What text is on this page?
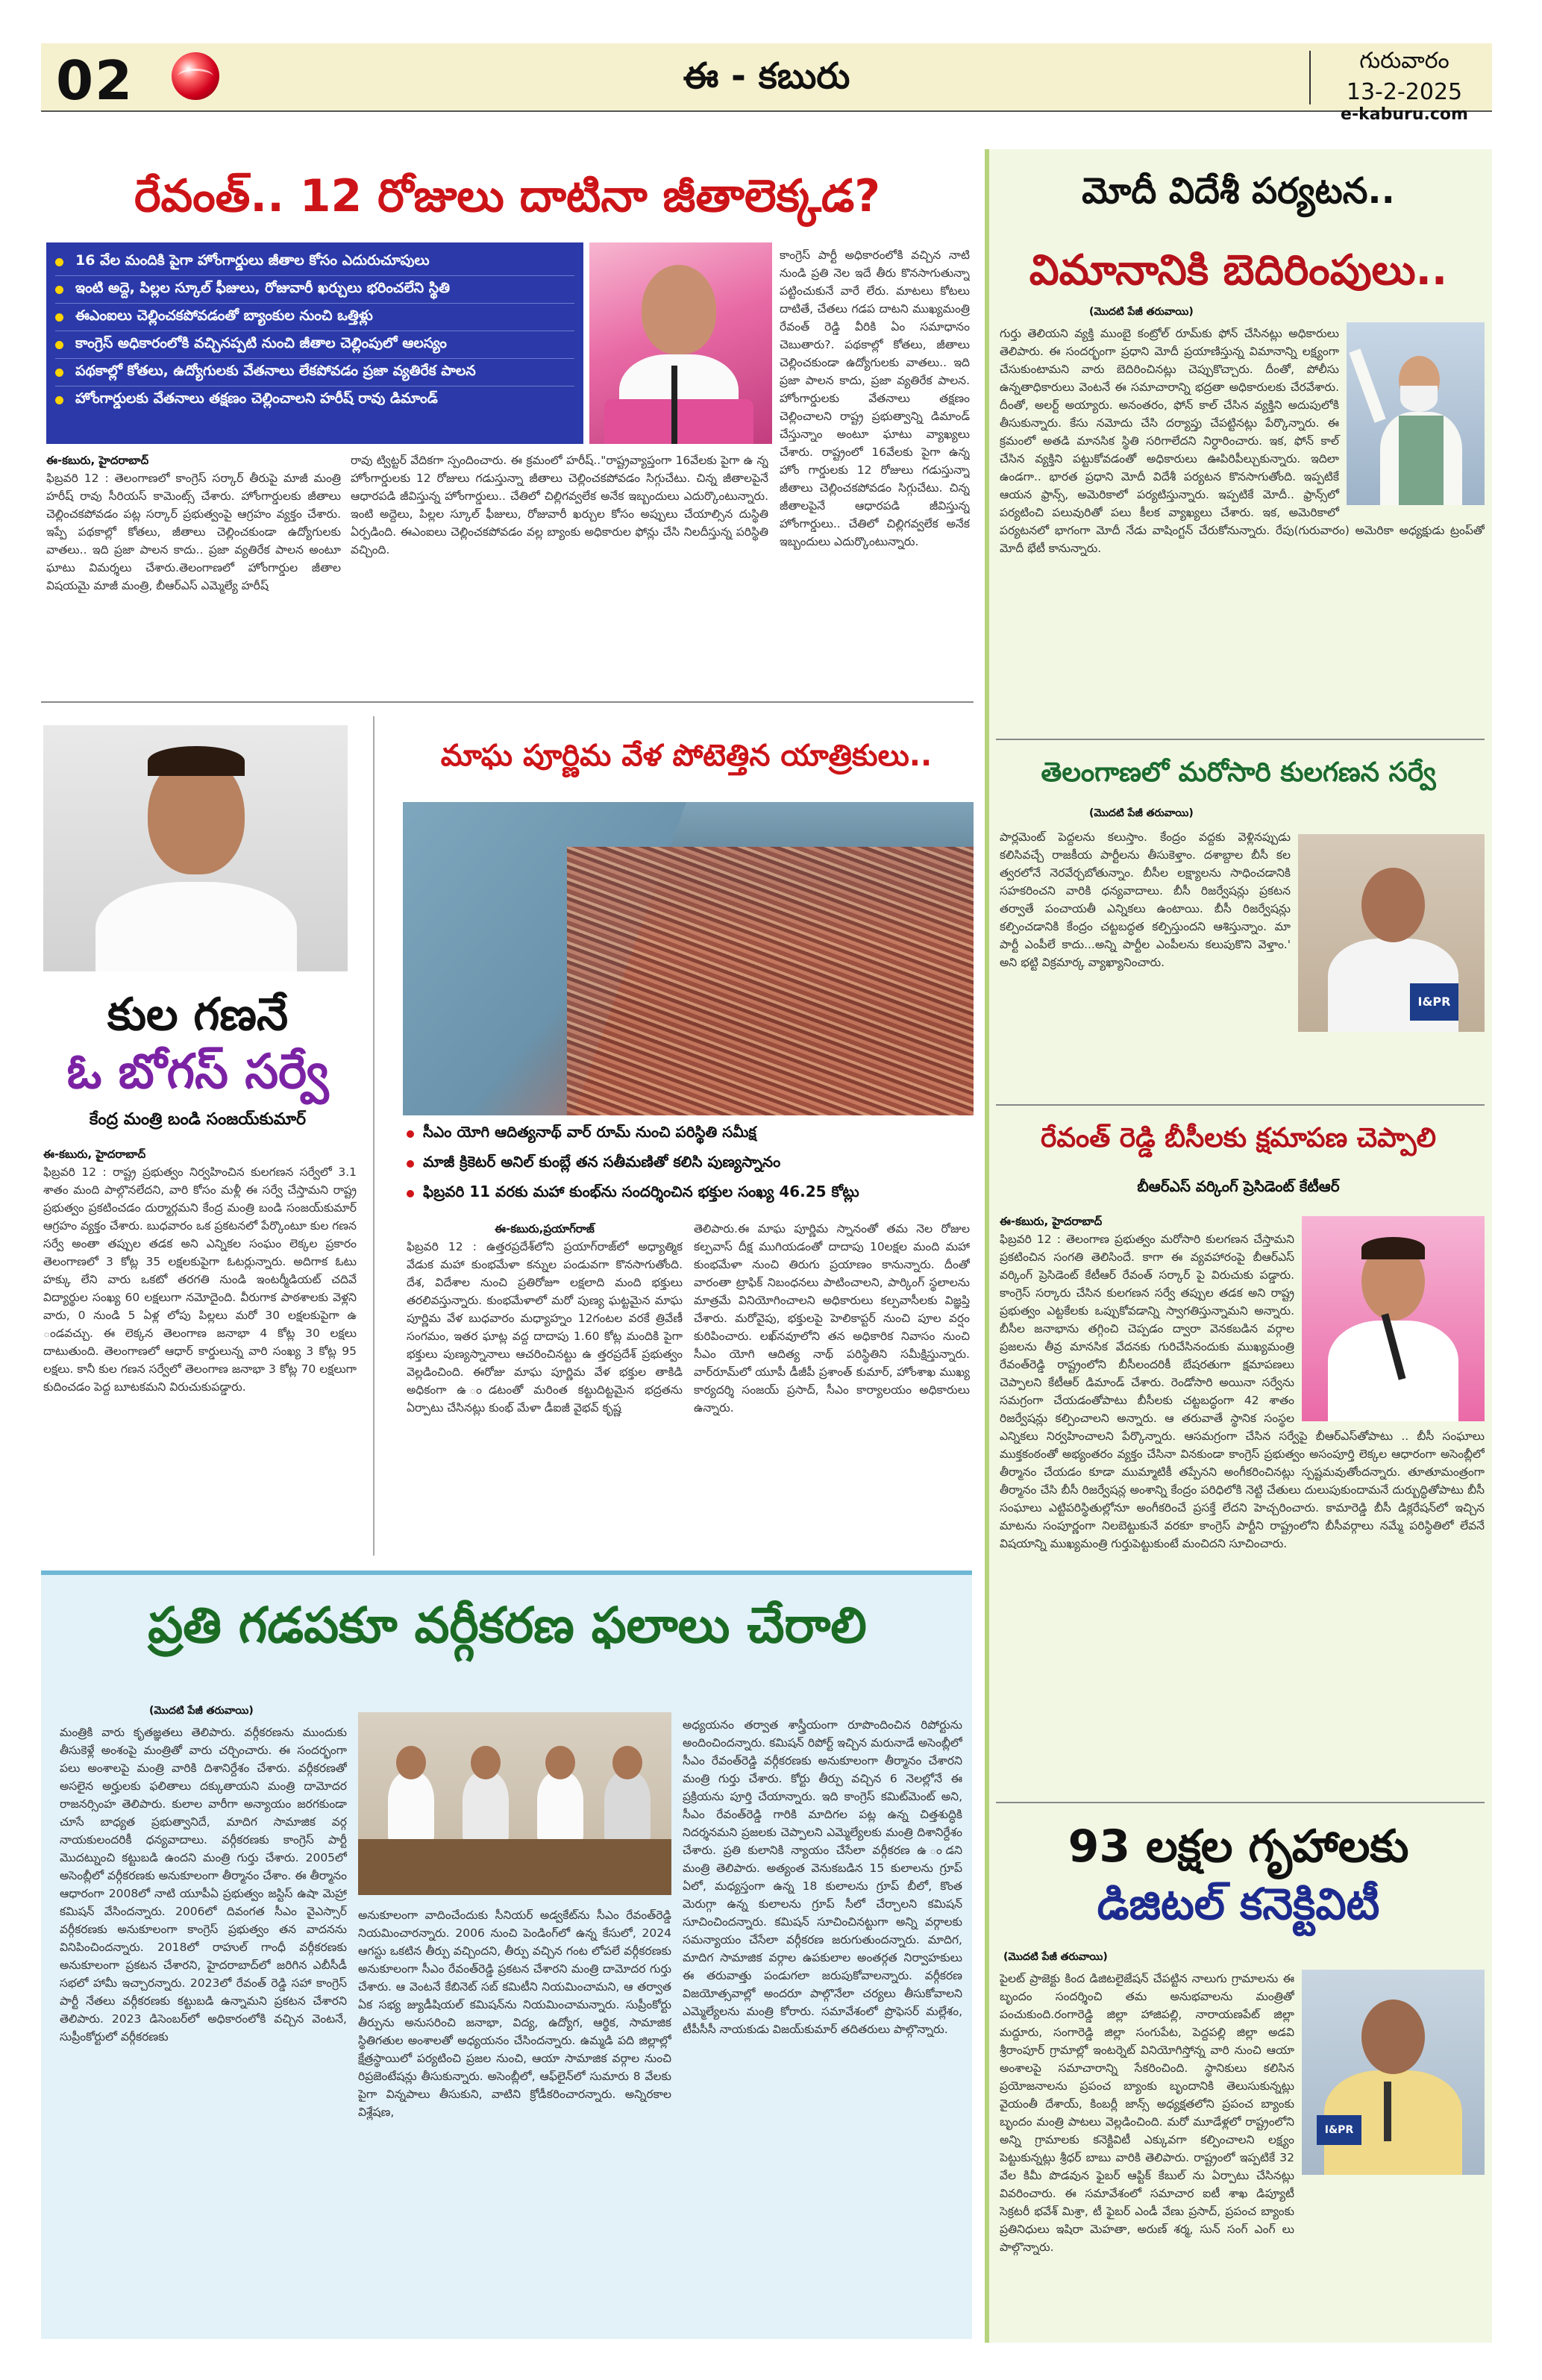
02	ఈ - కబురు	గురువారం
13-2-2025
e-kaburu.com
రేవంత్.. 12 రోజులు దాటినా జీతాలెక్కడ?
16 వేల మందికి పైగా హోంగార్డులు జీతాల కోసం ఎదురుచూపులు
ఇంటి అద్దె, పిల్లల స్కూల్ ఫీజులు, రోజువారీ ఖర్చులు భరించలేని స్థితి
ఈఎంఐలు చెల్లించకపోవడంతో బ్యాంకుల నుంచి ఒత్తిళ్లు
కాంగ్రెస్ అధికారంలోకి వచ్చినప్పటి నుంచి జీతాల చెల్లింపులో ఆలస్యం
పథకాల్లో కోతలు, ఉద్యోగులకు వేతనాలు లేకపోవడం ప్రజా వ్యతిరేక పాలన
హోంగార్డులకు వేతనాలు తక్షణం చెల్లించాలని హరీష్ రావు డిమాండ్
కాంగ్రెస్ పార్టీ అధికారంలోకి వచ్చిన నాటి నుండి ప్రతి నెల ఇదే తీరు కొనసాగుతున్నా పట్టించుకునే వారే లేరు. మాటలు కోటలు దాటితే, చేతలు గడప దాటని ముఖ్యమంత్రి రేవంత్ రెడ్డి వీరికి ఏం సమాధానం చెబుతారు?. పథకాల్లో కోతలు, జీతాలు చెల్లించకుండా ఉద్యోగులకు వాతలు.. ఇది ప్రజా పాలన కాదు, ప్రజా వ్యతిరేక పాలన. హోంగార్డులకు వేతనాలు తక్షణం చెల్లించాలని రాష్ట్ర ప్రభుత్వాన్ని డిమాండ్ చేస్తున్నాం అంటూ ఘాటు వ్యాఖ్యలు చేశారు. రాష్ట్రంలో 16వేలకు పైగా ఉన్న హోం గార్డులకు 12 రోజులు గడుస్తున్నా జీతాలు చెల్లించకపోవడం సిగ్గుచేటు. చిన్న జీతాలపైనే ఆధారపడి జీవిస్తున్న హోంగార్డులు.. చేతిలో చిల్లిగవ్వలేక అనేక ఇబ్బందులు ఎదుర్కొంటున్నారు.
ఈ-కబురు, హైదరాబాద్
ఫిబ్రవరి 12 : తెలంగాణలో కాంగ్రెస్ సర్కార్ తీరుపై మాజీ మంత్రి హరీష్ రావు సీరియస్ కామెంట్స్ చేశారు. హోంగార్డులకు జీతాలు చెల్లించకపోవడం పట్ల సర్కార్ ప్రభుత్వంపై ఆగ్రహం వ్యక్తం చేశారు. ఇప్పే పథకాల్లో కోతలు, జీతాలు చెల్లించకుండా ఉద్యోగులకు వాతలు.. ఇది ప్రజా పాలన కాదు.. ప్రజా వ్యతిరేక పాలన అంటూ ఘాటు విమర్శలు చేశారు.తెలంగాణలో హోంగార్డుల జీతాల విషయమై మాజీ మంత్రి, బీఆర్ఎస్ ఎమ్మెల్యే హరీష్
రావు ట్విట్టర్ వేదికగా స్పందించారు. ఈ క్రమంలో హరీష్.."రాష్ట్రవ్యాప్తంగా 16వేలకు పైగా ఉ న్న హోంగార్డులకు 12 రోజులు గడుస్తున్నా జీతాలు చెల్లించకపోవడం సిగ్గుచేటు. చిన్న జీతాలపైనే ఆధారపడి జీవిస్తున్న హోంగార్డులు.. చేతిలో చిల్లిగవ్వలేక అనేక ఇబ్బందులు ఎదుర్కొంటున్నారు. ఇంటి అద్దెలు, పిల్లల స్కూల్ ఫీజులు, రోజువారీ ఖర్చుల కోసం అప్పులు చేయాల్సిన దుస్థితి ఏర్పడింది. ఈఎంఐలు చెల్లించకపోవడం వల్ల బ్యాంకు అధికారుల ఫోన్లు చేసి నిలదీస్తున్న పరిస్థితి వచ్చింది.
కుల గణనే
ఓ బోగస్ సర్వే
కేంద్ర మంత్రి బండి సంజయ్‌కుమార్
ఈ-కబురు, హైదరాబాద్
ఫిబ్రవరి 12 : రాష్ట్ర ప్రభుత్వం నిర్వహించిన కులగణన సర్వేలో 3.1 శాతం మంది పాల్గొనలేదని, వారి కోసం మళ్లీ ఈ సర్వే చేస్తామని రాష్ట్ర ప్రభుత్వం ప్రకటించడం దుర్మార్గమని కేంద్ర మంత్రి బండి సంజయ్‌కుమార్ ఆగ్రహం వ్యక్తం చేశారు. బుధవారం ఒక ప్రకటనలో పేర్కొంటూ కుల గణన సర్వే అంతా తప్పుల తడక అని ఎన్నికల సంఘం లెక్కల ప్రకారం తెలంగాణలో 3 కోట్ల 35 లక్షలకుపైగా ఓటర్లున్నారు. అదిగాక ఓటు హక్కు లేని వారు ఒకటో తరగతి నుండి ఇంటర్మీడియట్ చదివే విద్యార్థుల సంఖ్య 60 లక్షలుగా నమోదైంది. వీరుగాక పాఠశాలకు వెళ్లని వారు, 0 నుండి 5 ఏళ్ల లోపు పిల్లలు మరో 30 లక్షలకుపైగా ఉ ండవచ్చు. ఈ లెక్కన తెలంగాణ జనాభా 4 కోట్ల 30 లక్షలు దాటుతుంది. తెలంగాణలో ఆధార్ కార్డులున్న వారి సంఖ్య 3 కోట్ల 95 లక్షలు. కానీ కుల గణన సర్వేలో తెలంగాణ జనాభా 3 కోట్ల 70 లక్షలుగా కుదించడం పెద్ద బూటకమని విరుచుకుపడ్డారు.
మాఘ పూర్ణిమ వేళ పోటెత్తిన యాత్రికులు..
సీఎం యోగి ఆదిత్యనాథ్ వార్ రూమ్ నుంచి పరిస్థితి సమీక్ష
మాజీ క్రికెటర్ అనిల్ కుంబ్లే తన సతీమణితో కలిసి పుణ్యస్నానం
ఫిబ్రవరి 11 వరకు మహా కుంభ్‌ను సందర్శించిన భక్తుల సంఖ్య 46.25 కోట్లు
ఈ-కబురు,ప్రయాగ్‌రాజ్
ఫిబ్రవరి 12 : ఉత్తరప్రదేశ్‌లోని ప్రయాగ్‌రాజ్‌లో అధ్యాత్మిక వేడుక మహా కుంభమేళా కన్నుల పండువగా కొనసాగుతోంది. దేశ, విదేశాల నుంచి ప్రతిరోజూ లక్షలాది మంది భక్తులు తరలివస్తున్నారు. కుంభమేళాలో మరో పుణ్య ఘట్టమైన మాఘ పూర్ణిమ వేళ బుధవారం మధ్యాహ్నం 12గంటల వరకే త్రివేణీ సంగమం, ఇతర ఘాట్ల వద్ద దాదాపు 1.60 కోట్ల మందికి పైగా భక్తులు పుణ్యస్నానాలు ఆచరించినట్టు ఉ త్తరప్రదేశ్ ప్రభుత్వం వెల్లడించింది. ఈరోజు మాఘ పూర్ణిమ వేళ భక్తుల తాకిడి అధికంగా ఉ ండటంతో మరింత కట్టుదిట్టమైన భద్రతను ఏర్పాటు చేసినట్లు కుంభ్ మేళా డీఐజీ వైభవ్ కృష్ణ
తెలిపారు.ఈ మాఘ పూర్ణిమ స్నానంతో తమ నెల రోజుల కల్పవాస్ దీక్ష ముగియడంతో దాదాపు 10లక్షల మంది మహా కుంభమేళా నుంచి తిరుగు ప్రయాణం కానున్నారు. దీంతో వారంతా ట్రాఫిక్ నిబంధనలు పాటించాలని, పార్కింగ్ స్థలాలను మాత్రమే వినియోగించాలని అధికారులు కల్పవాసీలకు విజ్ఞప్తి చేశారు. మరోవైపు, భక్తులపై హెలికాప్టర్ నుంచి పూల వర్షం కురిపించారు. లఖ్‌నవూలోని తన అధికారిక నివాసం నుంచి సీఎం యోగి ఆదిత్య నాథ్ పరిస్థితిని సమీక్షిస్తున్నారు. వార్‌రూమ్‌లో యూపీ డీజీపీ ప్రశాంత్ కుమార్, హోంశాఖ ముఖ్య కార్యదర్శి సంజయ్ ప్రసాద్, సీఎం కార్యాలయం అధికారులు ఉన్నారు.
మోదీ విదేశీ పర్యటన..
విమానానికి బెదిరింపులు..
(మొదటి పేజీ తరువాయి)
గుర్తు తెలియని వ్యక్తి ముంబై కంట్రోల్ రూమ్‌కు ఫోన్ చేసినట్లు అధికారులు తెలిపారు. ఈ సందర్భంగా ప్రధాని మోదీ ప్రయాణిస్తున్న విమానాన్ని లక్ష్యంగా చేసుకుంటామని వారు బెదిరించినట్లు చెప్పుకొచ్చారు. దీంతో, పోలీసు ఉన్నతాధికారులు వెంటనే ఈ సమాచారాన్ని భద్రతా అధికారులకు చేరవేశారు. దీంతో, అలర్ట్ అయ్యారు. అనంతరం, ఫోన్ కాల్ చేసిన వ్యక్తిని అదుపులోకి తీసుకున్నారు. కేసు నమోదు చేసి దర్యాప్తు చేపట్టినట్లు పేర్కొన్నారు. ఈ క్రమంలో అతడి మానసిక స్థితి సరిగాలేదని నిర్ధారించారు. ఇక, ఫోన్ కాల్ చేసిన వ్యక్తిని పట్టుకోవడంతో అధికారులు ఊపిరిపీల్చుకున్నారు. ఇదిలా ఉండగా.. భారత ప్రధాని మోదీ విదేశీ పర్యటన కొనసాగుతోంది. ఇప్పటికే ఆయన ఫ్రాన్స్, అమెరికాలో పర్యటిస్తున్నారు. ఇప్పటికే మోదీ.. ఫ్రాన్స్‌లో పర్యటించి పలువురితో పలు కీలక వ్యాఖ్యలు చేశారు. ఇక, అమెరికాలో పర్యటనలో భాగంగా మోదీ నేడు వాషింగ్టన్ చేరుకోనున్నారు. రేపు(గురువారం) అమెరికా అధ్యక్షుడు ట్రంప్‌తో మోదీ భేటీ కానున్నారు.
తెలంగాణలో మరోసారి కులగణన సర్వే
(మొదటి పేజీ తరువాయి)
I&PR
పార్లమెంట్ పెద్దలను కలుస్తాం. కేంద్రం వద్దకు వెళ్లినప్పుడు కలిసివచ్చే రాజకీయ పార్టీలను తీసుకెళ్తాం. దశాబ్దాల బీసీ కల త్వరలోనే నెరవేర్చబోతున్నాం. బీసీల లక్ష్యాలను సాధించడానికి సహకరించని వారికి ధన్యవాదాలు. బీసీ రిజర్వేషన్లు ప్రకటన తర్వాతే పంచాయతీ ఎన్నికలు ఉంటాయి. బీసీ రిజర్వేషన్లు కల్పించడానికి కేంద్రం చట్టబద్ధత కల్పిస్తుందని ఆశిస్తున్నాం. మా పార్టీ ఎంపీలే కాదు...అన్ని పార్టీల ఎంపీలను కలుపుకొని వెళ్తాం.' అని భట్టి విక్రమార్క వ్యాఖ్యానించారు.
రేవంత్ రెడ్డి బీసీలకు క్షమాపణ చెప్పాలి
బీఆర్ఎస్ వర్కింగ్ ప్రెసిడెంట్ కేటీఆర్
ఈ-కబురు, హైదరాబాద్
ఫిబ్రవరి 12 : తెలంగాణ ప్రభుత్వం మరోసారి కులగణన చేస్తామని ప్రకటించిన సంగతి తెలిసిందే. కాగా ఈ వ్యవహారంపై బీఆర్ఎస్ వర్కింగ్ ప్రెసిడెంట్ కేటీఆర్ రేవంత్ సర్కార్ పై విరుచుకు పడ్డారు. కాంగ్రెస్ సర్కారు చేసిన కులగణన సర్వే తప్పుల తడక అని రాష్ట్ర ప్రభుత్వం ఎట్టకేలకు ఒప్పుకోవడాన్ని స్వాగతిస్తున్నామని అన్నారు. బీసీల జనాభాను తగ్గించి చెప్పడం ద్వారా వెనకబడిన వర్గాల ప్రజలను తీవ్ర మానసిక వేదనకు గురిచేసినందుకు ముఖ్యమంత్రి రేవంత్‌రెడ్డి రాష్ట్రంలోని బీసీలందరికీ బేషరతుగా క్షమాపణలు చెప్పాలని కేటీఆర్ డిమాండ్ చేశారు. రెండోసారి అయినా సర్వేను సమగ్రంగా చేయడంతోపాటు బీసీలకు చట్టబద్ధంగా 42 శాతం రిజర్వేషన్లు కల్పించాలని అన్నారు. ఆ తరువాతే స్థానిక సంస్థల ఎన్నికలు నిర్వహించాలని పేర్కొన్నారు. ఆసమగ్రంగా చేసిన సర్వేపై బీఆర్ఎస్‌తోపాటు .. బీసీ సంఘాలు ముక్తకంఠంతో అభ్యంతరం వ్యక్తం చేసినా వినకుండా కాంగ్రెస్ ప్రభుత్వం అసంపూర్తి లెక్కల ఆధారంగా అసెంబ్లీలో తీర్మానం చేయడం కూడా ముమ్మాటికీ తప్పేనని అంగీకరించినట్లు స్పష్టమవుతోందన్నారు. తూతూమంత్రంగా తీర్మానం చేసి బీసీ రిజర్వేషన్ల అంశాన్ని కేంద్రం పరిధిలోకి నెట్టి చేతులు దులుపుకుందామనే దుర్బుద్ధితోపాటు బీసీ సంఘాలు ఎట్టిపరిస్థితుల్లోనూ అంగీకరించే ప్రసక్తే లేదని హెచ్చరించారు. కామారెడ్డి బీసీ డిక్లరేషన్‌లో ఇచ్చిన మాటను సంపూర్ణంగా నిలబెట్టుకునే వరకూ కాంగ్రెస్ పార్టీని రాష్ట్రంలోని బీసీవర్గాలు నమ్మే పరిస్థితిలో లేవనే విషయాన్ని ముఖ్యమంత్రి గుర్తుపెట్టుకుంటే మంచిదని సూచించారు.
93 లక్షల గృహాలకు
డిజిటల్ కనెక్టివిటీ
(మొదటి పేజీ తరువాయి)
I&PR
పైలట్ ప్రాజెక్టు కింద డిజిటలైజేషన్ చేపట్టిన నాలుగు గ్రామాలను ఈ బృందం సందర్శించి తమ అనుభవాలను మంత్రితో పంచుకుంది.రంగారెడ్డి జిల్లా హాజిపల్లి, నారాయణపేట్ జిల్లా మద్దూరు, సంగారెడ్డి జిల్లా సంగుపేట, పెద్దపల్లి జిల్లా అడవి శ్రీరాంపూర్ గ్రామాల్లో ఇంటర్నెట్ వినియోగిస్తోన్న వారి నుంచి ఆయా అంశాలపై సమాచారాన్ని సేకరించింది. స్థానికులు కలిసిన ప్రయోజనాలను ప్రపంచ బ్యాంకు బృందానికి తెలుసుకున్నట్లు వైయంతీ దేశాయ్, కింబర్లీ జాన్స్ అధ్యక్షతలోని ప్రపంచ బ్యాంకు బృందం మంత్రి పాటలు వెల్లడించింది. మరో మూడేళ్లలో రాష్ట్రంలోని అన్ని గ్రామాలకు కనెక్టివిటీ ఎక్కువగా కల్పించాలని లక్ష్యం పెట్టుకున్నట్లు శ్రీధర్ బాబు వారికి తెలిపారు. రాష్ట్రంలో ఇప్పటికే 32 వేల కిమీ పొడవున ఫైబర్ ఆప్టిక్ కేబుల్ ను ఏర్పాటు చేసినట్లు వివరించారు. ఈ సమావేశంలో సమాచార ఐటీ శాఖ డిప్యూటీ సెక్రటరీ భవేశ్ మిశ్రా, టీ ఫైబర్ ఎండీ వేణు ప్రసాద్, ప్రపంచ బ్యాంకు ప్రతినిధులు ఇషిరా మెహతా, అరుణ్ శర్మ, సున్ సంగ్ ఎంగ్ లు పాల్గొన్నారు.
ప్రతి గడపకూ వర్గీకరణ ఫలాలు చేరాలి
(మొదటి పేజీ తరువాయి)
మంత్రికి వారు కృతజ్ఞతలు తెలిపారు. వర్గీకరణను ముందుకు తీసుకెళ్లే అంశంపై మంత్రితో వారు చర్చించారు. ఈ సందర్భంగా పలు అంశాలపై మంత్రి వారికి దిశానిర్దేశం చేశారు. వర్గీకరణతో అసలైన అర్హులకు ఫలితాలు దక్కుతాయని మంత్రి దామోదర రాజనర్సింహ తెలిపారు. కులాల వారీగా అన్యాయం జరగకుండా చూసే బాధ్యత ప్రభుత్వానిదే, మాదిగ సామాజిక వర్గ నాయకులందరికీ ధన్యవాదాలు. వర్గీకరణకు కాంగ్రెస్ పార్టీ మొదట్నుంచి కట్టుబడి ఉందని మంత్రి గుర్తు చేశారు. 2005లో అసెంబ్లీలో వర్గీకరణకు అనుకూలంగా తీర్మానం చేశాం. ఈ తీర్మానం ఆధారంగా 2008లో నాటి యూపీఏ ప్రభుత్వం జస్టిస్ ఉషా మెహ్రా కమిషన్ వేసిందన్నారు. 2006లో దివంగత సీఎం వైఎస్సార్ వర్గీకరణకు అనుకూలంగా కాంగ్రెస్ ప్రభుత్వం తన వాదనను వినిపించిందన్నారు. 2018లో రాహుల్ గాంధీ వర్గీకరణకు అనుకూలంగా ప్రకటన చేశారని, హైదరాబాద్‌లో జరిగిన ఎబీసీడీ సభలో హామీ ఇచ్చారన్నారు. 2023లో రేవంత్ రెడ్డి సహా కాంగ్రెస్ పార్టీ నేతలు వర్గీకరణకు కట్టుబడి ఉన్నామని ప్రకటన చేశారని తెలిపారు. 2023 డిసెంబర్‌లో అధికారంలోకి వచ్చిన వెంటనే, సుప్రీంకోర్టులో వర్గీకరణకు
అనుకూలంగా వాదించేందుకు సీనియర్ అడ్వకేట్‌ను సీఎం రేవంత్‌రెడ్డి నియమించారన్నారు. 2006 నుంచి పెండింగ్‌లో ఉన్న కేసులో, 2024 ఆగస్టు ఒకటిన తీర్పు వచ్చిందని, తీర్పు వచ్చిన గంట లోపలే వర్గీకరణకు అనుకూలంగా సీఎం రేవంత్‌రెడ్డి ప్రకటన చేశారని మంత్రి దామోదర గుర్తు చేశారు. ఆ వెంటనే కేబినెట్ సబ్ కమిటీని నియమించామని, ఆ తర్వాత ఏక సభ్య జ్యుడీషియల్ కమిషన్‌ను నియమించామన్నారు. సుప్రీంకోర్టు తీర్పును అనుసరించి జనాభా, విద్య, ఉద్యోగ, ఆర్థిక, సామాజిక స్థితిగతుల అంశాలతో అధ్యయనం చేసిందన్నారు. ఉమ్మడి పది జిల్లాల్లో క్షేత్రస్థాయిలో పర్యటించి ప్రజల నుంచి, ఆయా సామాజిక వర్గాల నుంచి రిప్రజెంటేషన్లు తీసుకున్నారు. అసెంబ్లీలో, ఆఫ్‌లైన్‌లో సుమారు 8 వేలకు పైగా విన్నపాలు తీసుకుని, వాటిని క్రోడీకరించారన్నారు. అన్నిరకాల విశ్లేషణ,
అధ్యయనం తర్వాత శాస్త్రీయంగా రూపొందించిన రిపోర్టును అందించిందన్నారు. కమిషన్ రిపోర్ట్ ఇచ్చిన మరునాడే అసెంబ్లీలో సీఎం రేవంత్‌రెడ్డి వర్గీకరణకు అనుకూలంగా తీర్మానం చేశారని మంత్రి గుర్తు చేశారు. కోర్టు తీర్పు వచ్చిన 6 నెలల్లోనే ఈ ప్రక్రియను పూర్తి చేయాన్నారు. ఇది కాంగ్రెస్ కమిట్‌మెంట్ అని, సీఎం రేవంత్‌రెడ్డి గారికి మాదిగల పట్ల ఉన్న చిత్తశుద్ధికి నిదర్శనమని ప్రజలకు చెప్పాలని ఎమ్మెల్యేలకు మంత్రి దిశానిర్దేశం చేశారు. ప్రతి కులానికి న్యాయం చేసేలా వర్గీకరణ ఉ ండని మంత్రి తెలిపారు. అత్యంత వెనుకబడిన 15 కులాలను గ్రూప్ ఏ‌లో, మధ్యస్తంగా ఉన్న 18 కులాలను గ్రూప్ బీ‌లో, కొంత మెరుగ్గా ఉన్న కులాలను గ్రూప్ సీ‌లో చేర్చాలని కమిషన్ సూచించిందన్నారు. కమిషన్ సూచించినట్టుగా అన్ని వర్గాలకు సమన్యాయం చేసేలా వర్గీకరణ జరుగుతుందన్నారు. మాదిగ, మాదిగ సామాజిక వర్గాల ఉపకులాల అంతర్గత నిర్వాహకులు ఈ తరువాత్తు పండుగలా జరుపుకోవాలన్నారు. వర్గీకరణ విజయోత్సవాల్లో అందరూ పాల్గొనేలా చర్యలు తీసుకోవాలని ఎమ్మెల్యేలను మంత్రి కోరారు. సమావేశంలో ప్రొఫెసర్ మల్లేశం, టీపీసీసీ నాయకుడు విజయ్‌కుమార్ తదితరులు పాల్గొన్నారు.
